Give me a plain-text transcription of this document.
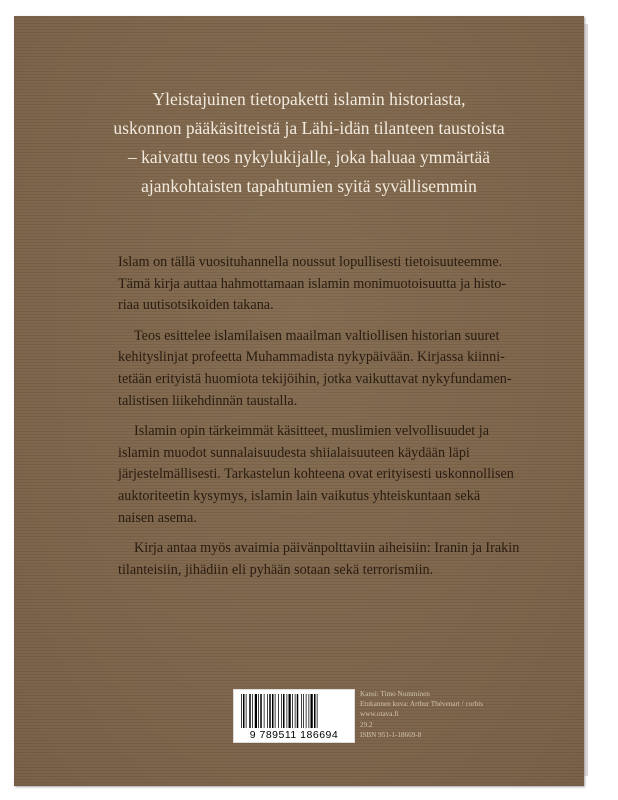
Yleistajuinen tietopaketti islamin historiasta,
uskonnon pääkäsitteistä ja Lähi-idän tilanteen taustoista
– kaivattu teos nykylukijalle, joka haluaa ymmärtää
ajankohtaisten tapahtumien syitä syvällisemmin
Islam on tällä vuosituhannella noussut lopullisesti tietoisuuteemme.
Tämä kirja auttaa hahmottamaan islamin monimuotoisuutta ja histo-
riaa uutisotsikoiden takana.
Teos esittelee islamilaisen maailman valtiollisen historian suuret
kehityslinjat profeetta Muhammadista nykypäivään. Kirjassa kiinni-
tetään erityistä huomiota tekijöihin, jotka vaikuttavat nykyfundamen-
talistisen liikehdinnän taustalla.
Islamin opin tärkeimmät käsitteet, muslimien velvollisuudet ja
islamin muodot sunnalaisuudesta shiialaisuuteen käydään läpi
järjestelmällisesti. Tarkastelun kohteena ovat erityisesti uskonnollisen
auktoriteetin kysymys, islamin lain vaikutus yhteiskuntaan sekä
naisen asema.
Kirja antaa myös avaimia päivänpolttaviin aiheisiin: Iranin ja Irakin
tilanteisiin, jihädiin eli pyhään sotaan sekä terrorismiin.
9 789511 186694
Kansi: Timo Numminen
Etukannen kuva: Arthur Thévenart / corbis
www.otava.fi
29.2
ISBN 951-1-18669-8
